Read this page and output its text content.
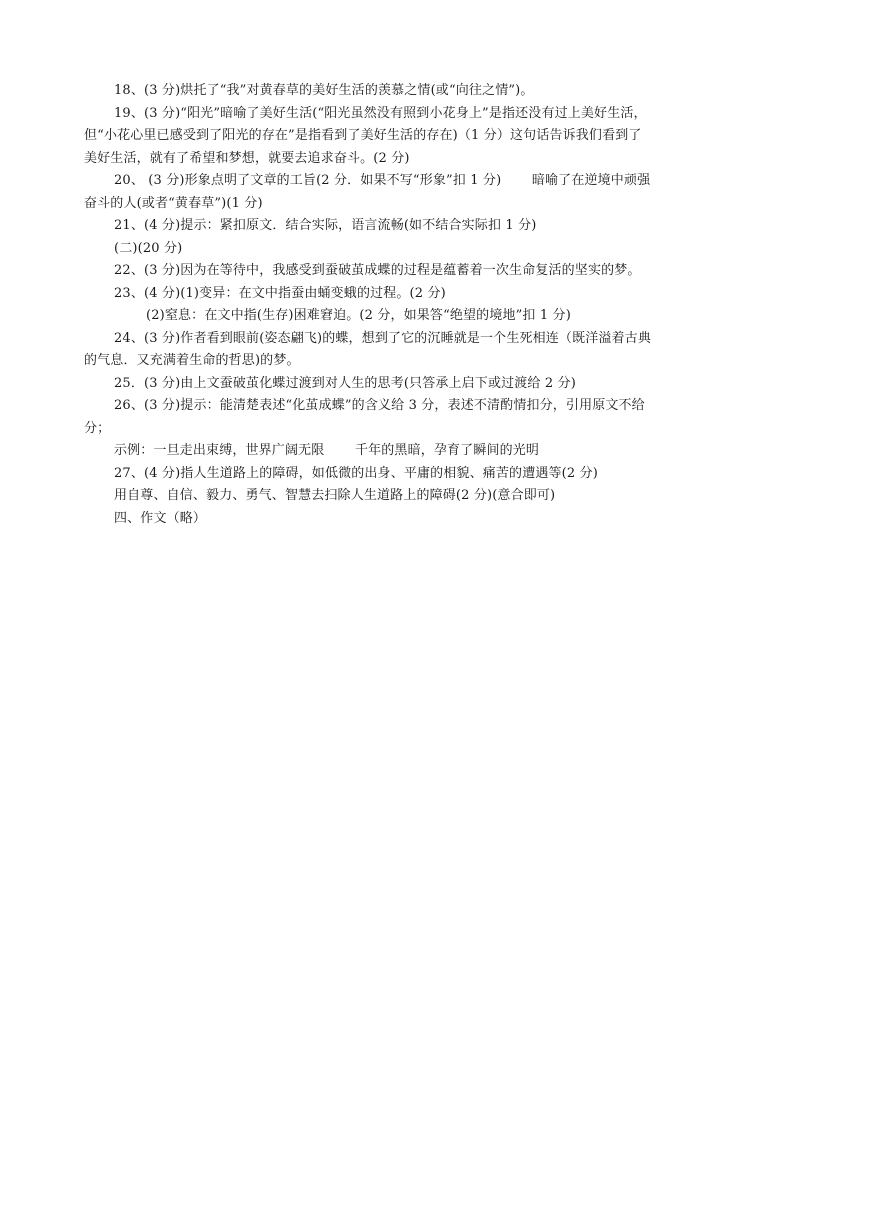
18、(3 分)烘托了“我”对黄春草的美好生活的羡慕之情(或“向往之情”)。
19、(3 分)“阳光”暗喻了美好生活(“阳光虽然没有照到小花身上”是指还没有过上美好生活，
但“小花心里已感受到了阳光的存在”是指看到了美好生活的存在)（1 分）这句话告诉我们看到了
美好生活，就有了希望和梦想，就要去追求奋斗。(2 分)
20、 (3 分)形象点明了文章的工旨(2 分．如果不写“形象”扣 1 分)　　 暗喻了在逆境中顽强
奋斗的人(或者“黄春草”)(1 分)
21、(4 分)提示：紧扣原文．结合实际，语言流畅(如不结合实际扣 1 分)
(二)(20 分)
22、(3 分)因为在等待中，我感受到蚕破茧成蝶的过程是蕴蓄着一次生命复活的坚实的梦。
23、(4 分)(1)变异：在文中指蚕由蛹变蛾的过程。(2 分)
(2)窒息：在文中指(生存)困难窘迫。(2 分，如果答“绝望的境地”扣 1 分)
24、(3 分)作者看到眼前(姿态翩飞)的蝶，想到了它的沉睡就是一个生死相连（既洋溢着古典
的气息．又充满着生命的哲思)的梦。
25．(3 分)由上文蚕破茧化蝶过渡到对人生的思考(只答承上启下或过渡给 2 分)
26、(3 分)提示：能清楚表述“化茧成蝶”的含义给 3 分，表述不清酌情扣分，引用原文不给
分；
示例：一旦走出束缚，世界广阔无限　　 千年的黑暗，孕育了瞬间的光明
27、(4 分)指人生道路上的障碍，如低微的出身、平庸的相貌、痛苦的遭遇等(2 分)
用自尊、自信、毅力、勇气、智慧去扫除人生道路上的障碍(2 分)(意合即可)
四、作文（略）
